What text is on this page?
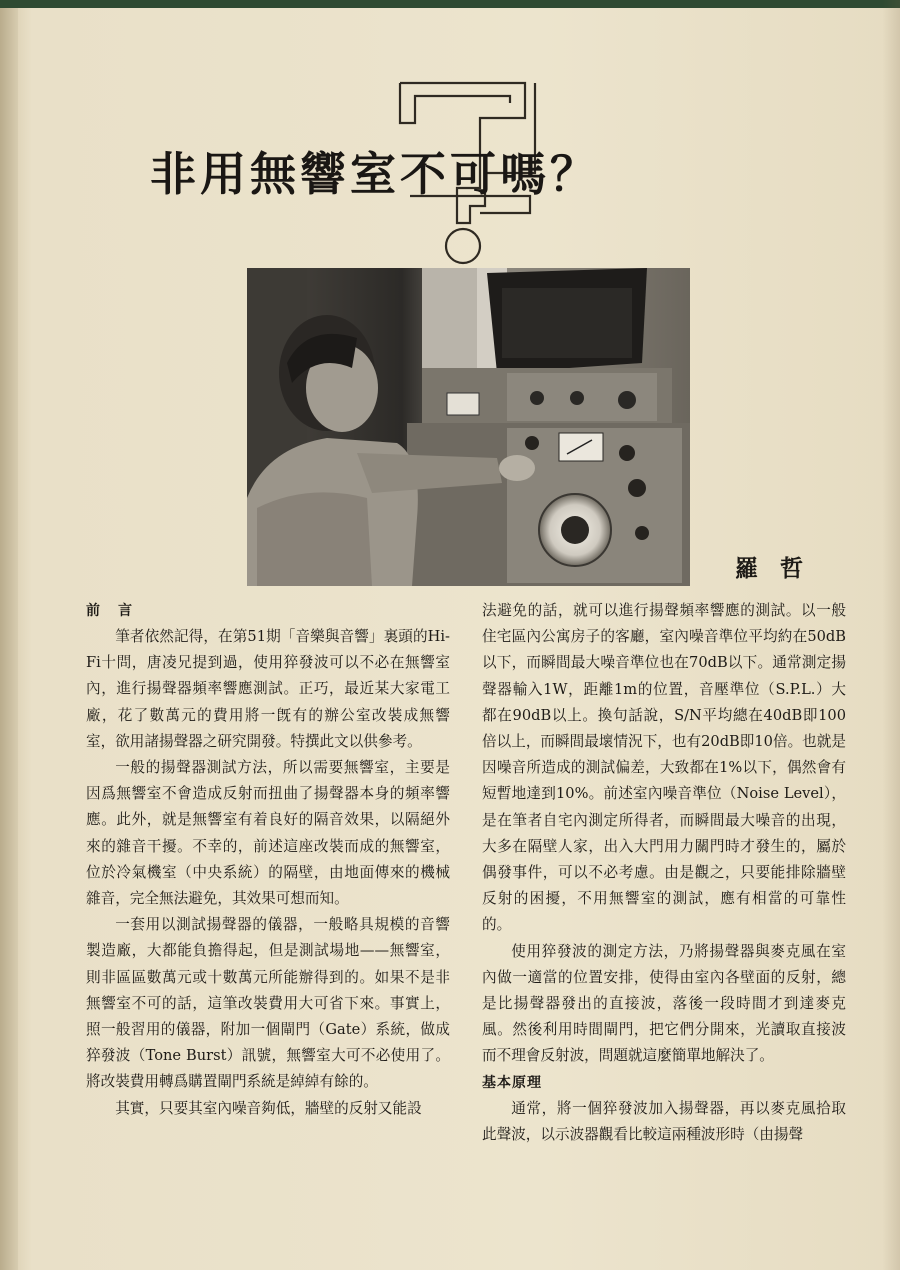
非用無響室不可嗎？
羅哲
前言

筆者依然記得，在第51期「音樂與音響」裏頭的Hi-Fi十問，唐凌兄提到過，使用猝發波可以不必在無響室內，進行揚聲器頻率響應測試。正巧，最近某大家電工廠，花了數萬元的費用將一旣有的辦公室改裝成無響室，欲用諸揚聲器之研究開發。特撰此文以供參考。

一般的揚聲器測試方法，所以需要無響室，主要是因爲無響室不會造成反射而扭曲了揚聲器本身的頻率響應。此外，就是無響室有着良好的隔音效果，以隔絕外來的雜音干擾。不幸的，前述這座改裝而成的無響室，位於冷氣機室（中央系統）的隔壁，由地面傳來的機械雜音，完全無法避免，其效果可想而知。

一套用以測試揚聲器的儀器，一般略具規模的音響製造廠，大都能負擔得起，但是測試場地——無響室，則非區區數萬元或十數萬元所能辦得到的。如果不是非無響室不可的話，這筆改裝費用大可省下來。事實上，照一般習用的儀器，附加一個閘門（Gate）系統，做成猝發波（Tone Burst）訊號，無響室大可不必使用了。將改裝費用轉爲購置閘門系統是綽綽有餘的。

其實，只要其室內噪音夠低，牆壁的反射又能設

法避免的話，就可以進行揚聲頻率響應的測試。以一般住宅區內公寓房子的客廳，室內噪音準位平均約在50dB以下，而瞬間最大噪音準位也在70dB以下。通常測定揚聲器輸入1W，距離1m的位置，音壓準位（S.P.L.）大都在90dB以上。換句話說，S/N平均總在40dB即100倍以上，而瞬間最壞情況下，也有20dB即10倍。也就是因噪音所造成的測試偏差，大致都在1%以下，偶然會有短暫地達到10%。前述室內噪音準位（Noise Level），是在筆者自宅內測定所得者，而瞬間最大噪音的出現，大多在隔壁人家，出入大門用力關門時才發生的，屬於偶發事件，可以不必考慮。由是觀之，只要能排除牆壁反射的困擾，不用無響室的測試，應有相當的可靠性的。

使用猝發波的測定方法，乃將揚聲器與麥克風在室內做一適當的位置安排，使得由室內各壁面的反射，總是比揚聲器發出的直接波，落後一段時間才到達麥克風。然後利用時間閘門，把它們分開來，光讀取直接波而不理會反射波，問題就這麼簡單地解決了。

基本原理

通常，將一個猝發波加入揚聲器，再以麥克風拾取此聲波，以示波器觀看比較這兩種波形時（由揚聲
